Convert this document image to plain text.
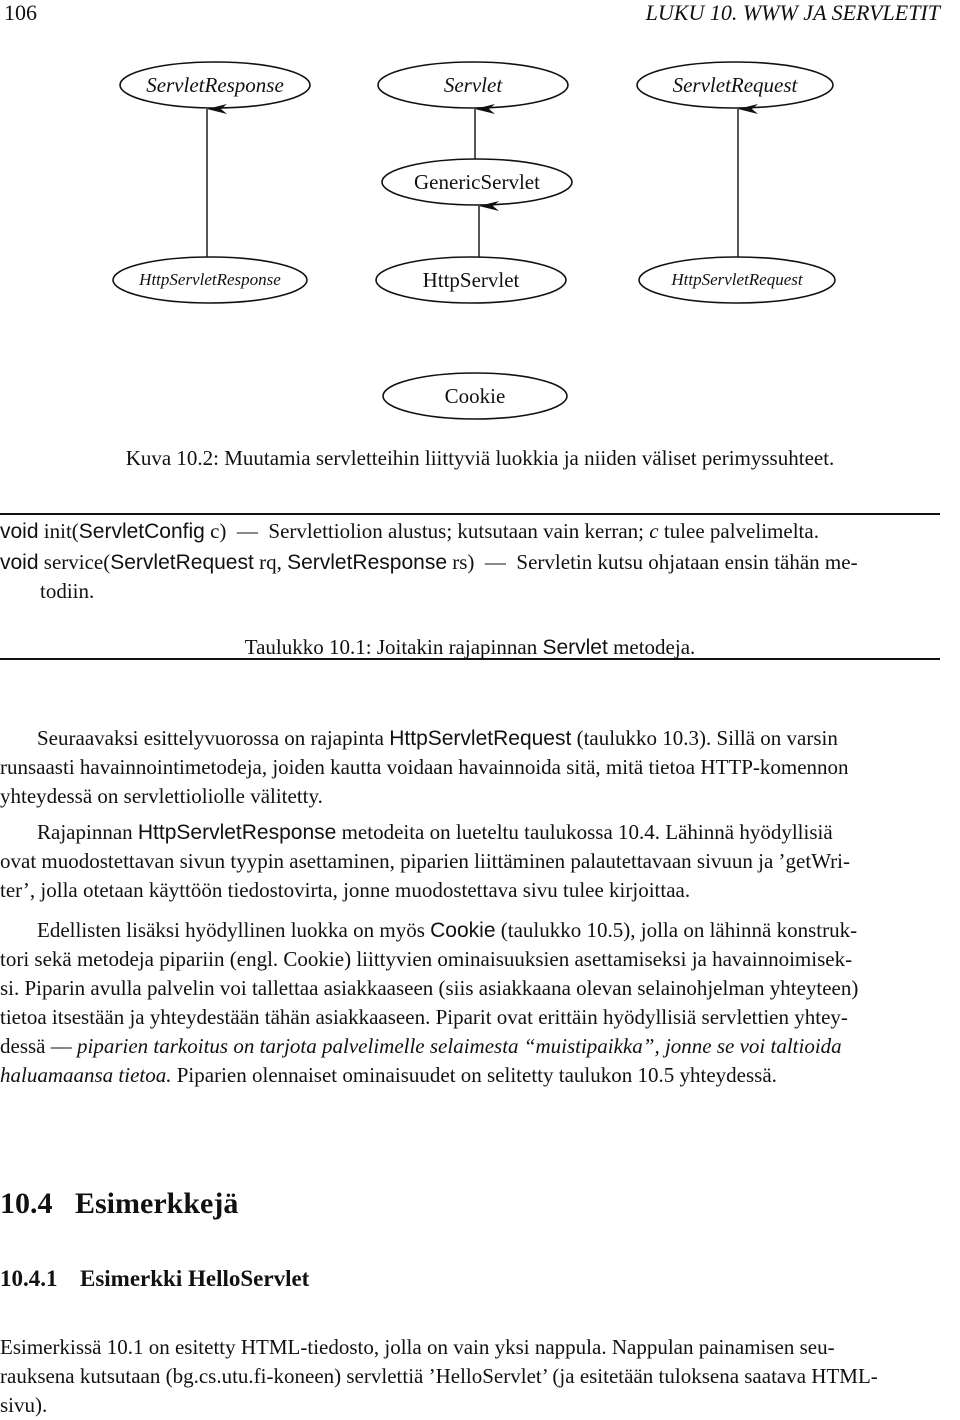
106	LUKU 10. WWW JA SERVLETIT
ServletResponse	Servlet	ServletRequest
GenericServlet
HttpServletResponse	HttpServlet	HttpServletRequest
Cookie
Kuva 10.2: Muutamia servletteihin liittyviä luokkia ja niiden väliset perimyssuhteet.
void init(ServletConfig c)  —  Servlettiolion alustus; kutsutaan vain kerran; c tulee palvelimelta.
void service(ServletRequest rq, ServletResponse rs)  —  Servletin kutsu ohjataan ensin tähän me-
todiin.
Taulukko 10.1: Joitakin rajapinnan Servlet metodeja.
Seuraavaksi esittelyvuorossa on rajapinta HttpServletRequest (taulukko 10.3). Sillä on varsin
runsaasti havainnointimetodeja, joiden kautta voidaan havainnoida sitä, mitä tietoa HTTP-komennon
yhteydessä on servlettioliolle välitetty.
Rajapinnan HttpServletResponse metodeita on lueteltu taulukossa 10.4. Lähinnä hyödyllisiä
ovat muodostettavan sivun tyypin asettaminen, piparien liittäminen palautettavaan sivuun ja ’getWri-
ter’, jolla otetaan käyttöön tiedostovirta, jonne muodostettava sivu tulee kirjoittaa.
Edellisten lisäksi hyödyllinen luokka on myös Cookie (taulukko 10.5), jolla on lähinnä konstruk-
tori sekä metodeja pipariin (engl. Cookie) liittyvien ominaisuuksien asettamiseksi ja havainnoimisek-
si. Piparin avulla palvelin voi tallettaa asiakkaaseen (siis asiakkaana olevan selainohjelman yhteyteen)
tietoa itsestään ja yhteydestään tähän asiakkaaseen. Piparit ovat erittäin hyödyllisiä servlettien yhtey-
dessä — piparien tarkoitus on tarjota palvelimelle selaimesta “muistipaikka”, jonne se voi taltioida
haluamaansa tietoa. Piparien olennaiset ominaisuudet on selitetty taulukon 10.5 yhteydessä.
10.4 Esimerkkejä
10.4.1 Esimerkki HelloServlet
Esimerkissä 10.1 on esitetty HTML-tiedosto, jolla on vain yksi nappula. Nappulan painamisen seu-
rauksena kutsutaan (bg.cs.utu.fi-koneen) servlettiä ’HelloServlet’ (ja esitetään tuloksena saatava HTML-
sivu).
